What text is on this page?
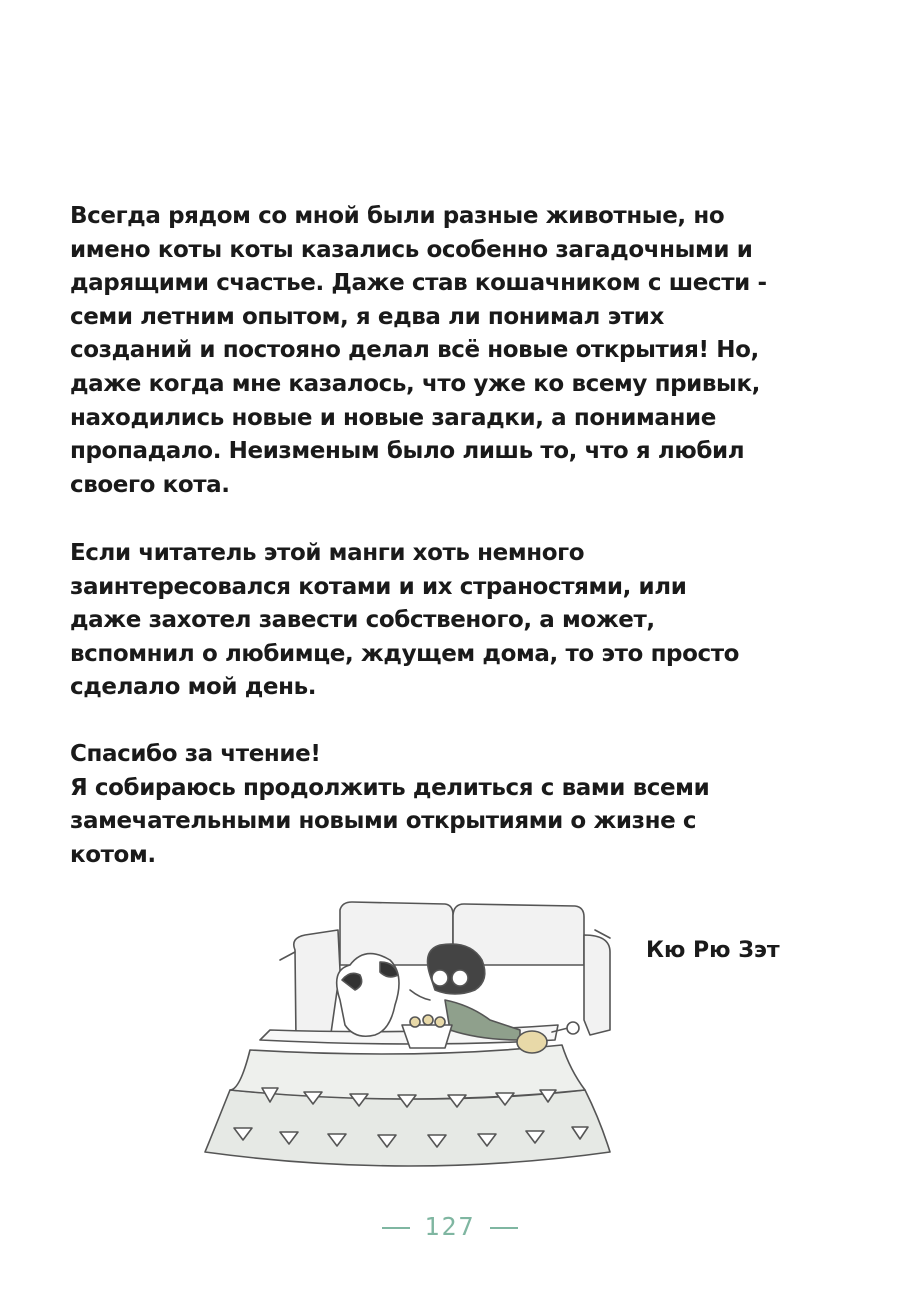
Всегда рядом со мной были разные животные, но
имено коты коты казались особенно загадочными и
дарящими счастье. Даже став кошачником с шести -
семи летним опытом, я едва ли понимал этих
созданий и постояно делал всё новые открытия! Но,
даже когда мне казалось, что уже ко всему привык,
находились новые и новые загадки, а понимание
пропадало. Неизменым было лишь то, что я любил
своего кота.
Если читатель этой манги хоть немного
заинтересовался котами и их страностями, или
даже захотел завести собственого, а может,
вспомнил о любимце, ждущем дома, то это просто
сделало мой день.
Спасибо за чтение!
Я собираюсь продолжить делиться с вами всеми
замечательными новыми открытиями о жизне с
котом.
Кю Рю Зэт
127
